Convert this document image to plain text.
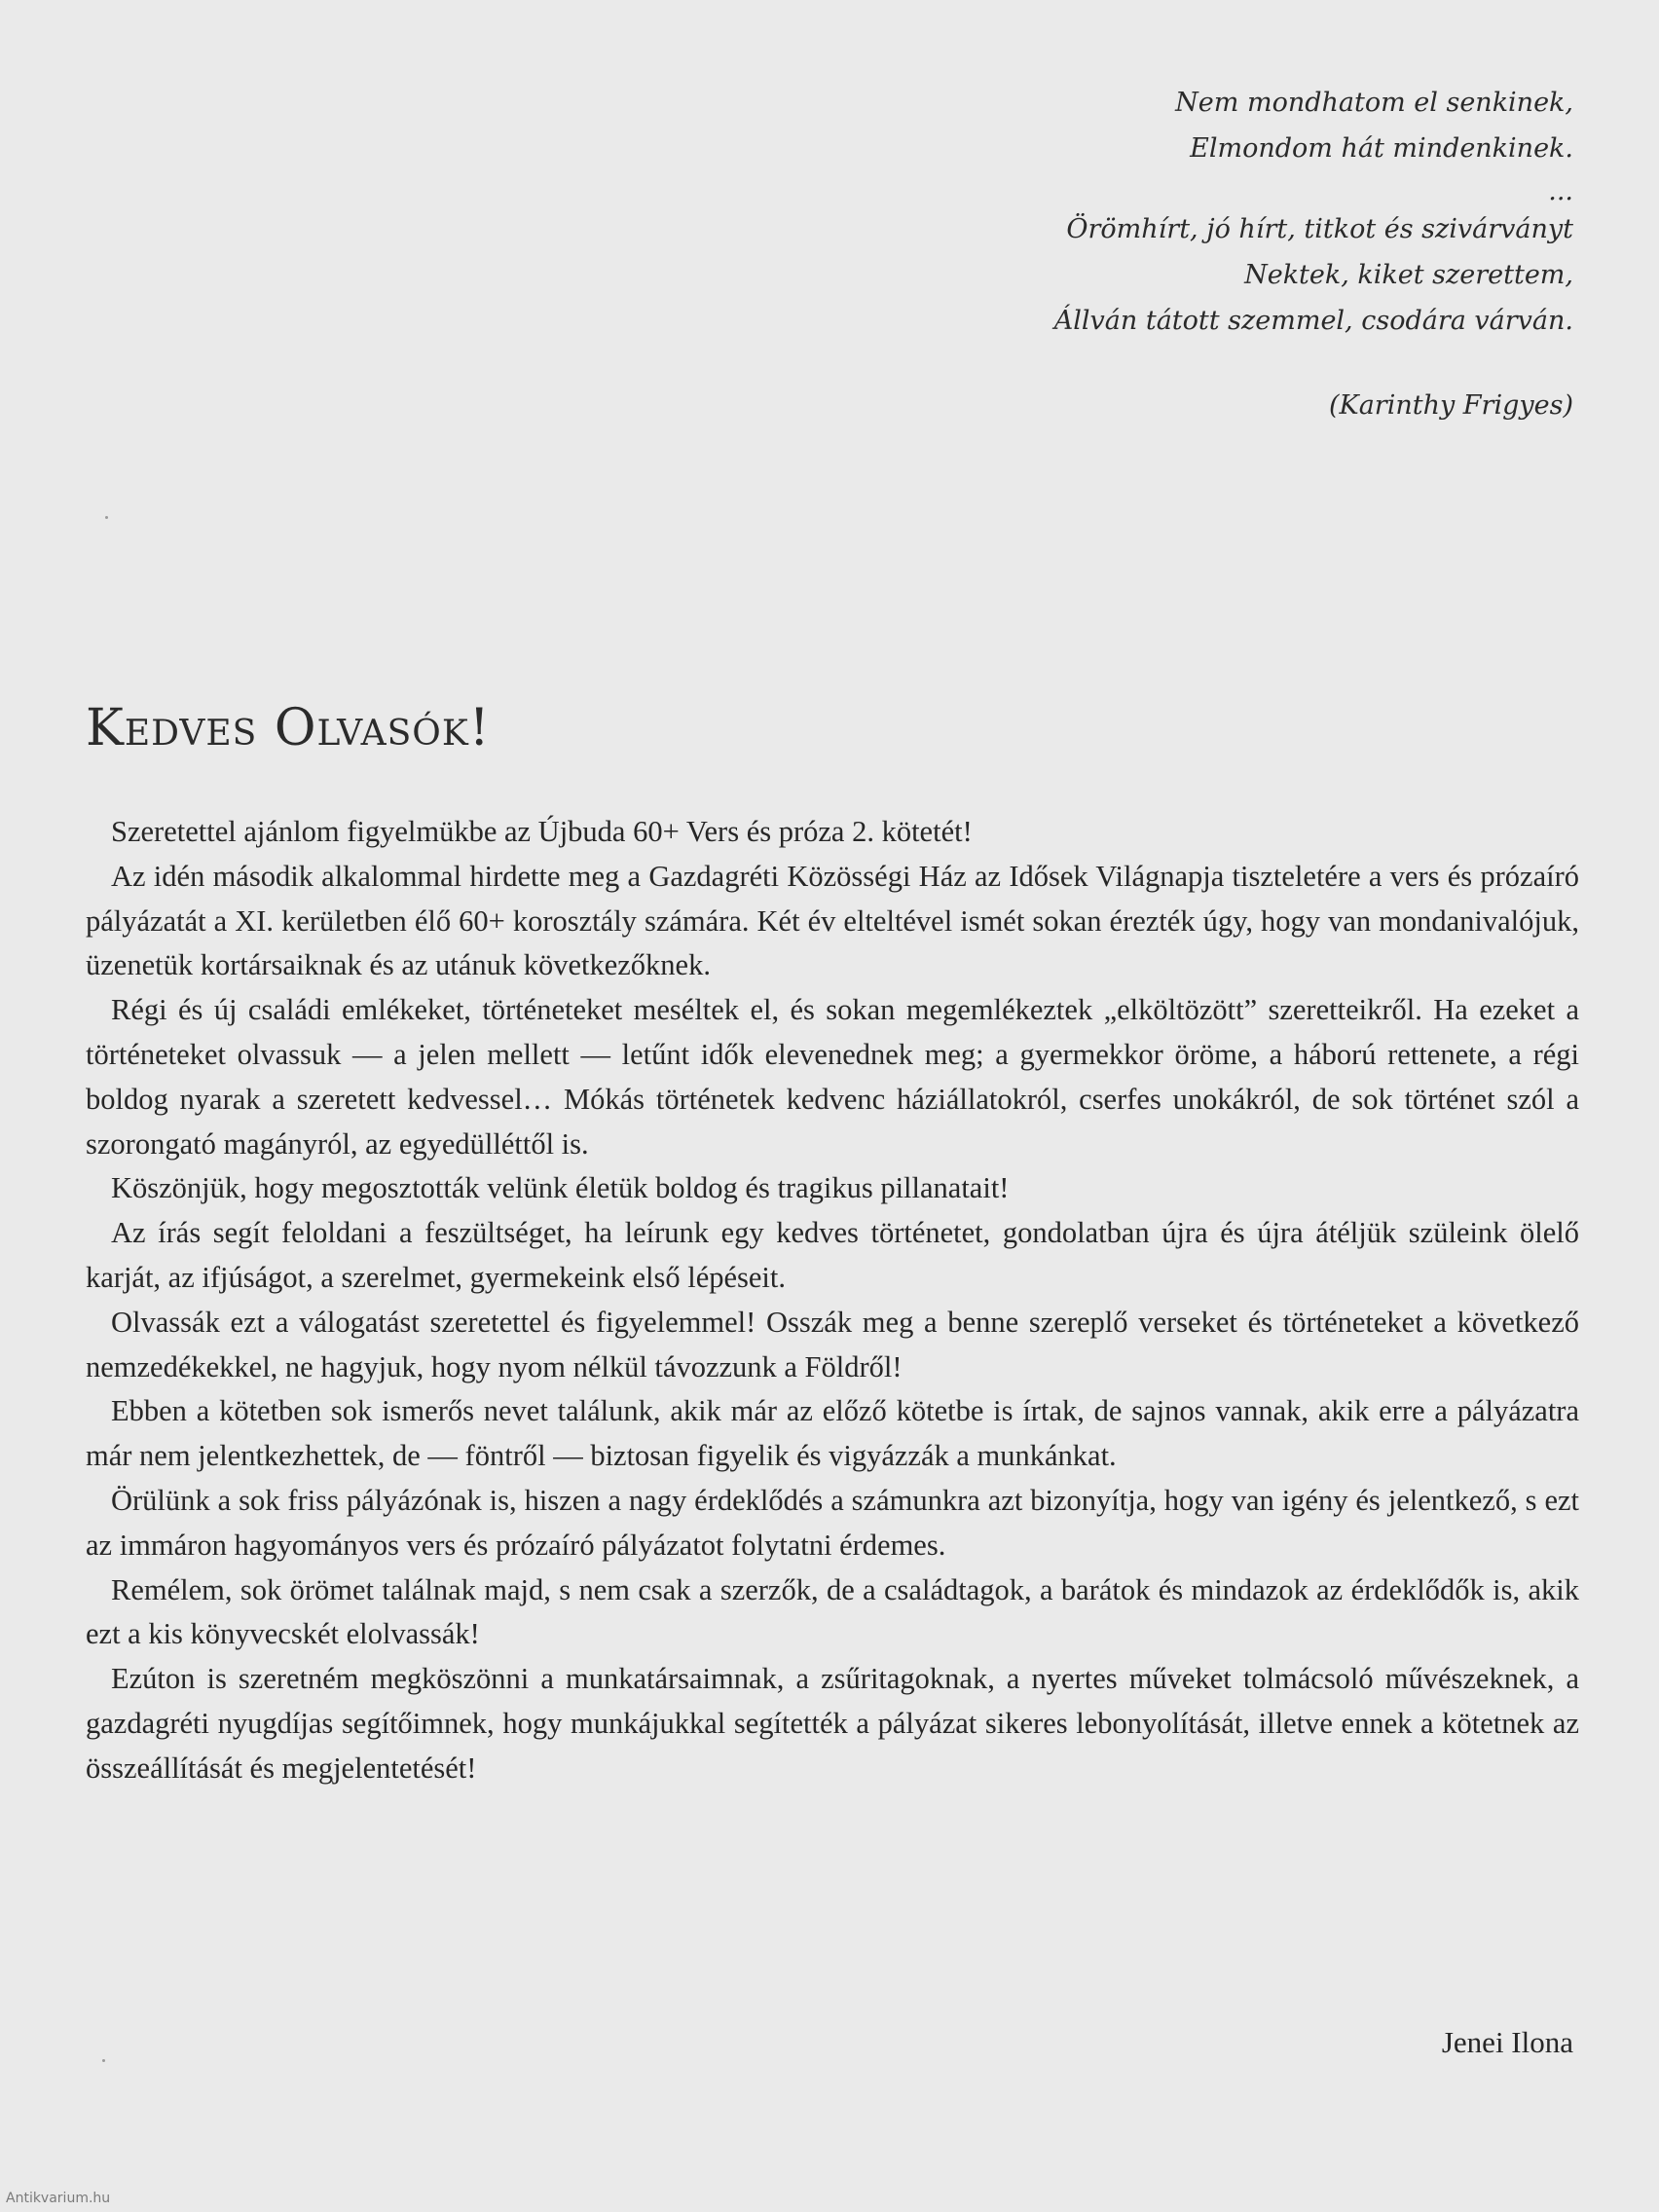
Nem mondhatom el senkinek,
Elmondom hát mindenkinek.
...
Örömhírt, jó hírt, titkot és szivárványt
Nektek, kiket szerettem,
Állván tátott szemmel, csodára várván.
(Karinthy Frigyes)
Kedves Olvasók!

Szeretettel ajánlom figyelmükbe az Újbuda 60+ Vers és próza 2. kötetét!

Az idén második alkalommal hirdette meg a Gazdagréti Közösségi Ház az Idősek Világnapja tiszteletére a vers és prózaíró pályázatát a XI. kerületben élő 60+ korosztály számára. Két év elteltével ismét sokan érezték úgy, hogy van mondanivalójuk, üzenetük kortársaiknak és az utánuk következőknek.

Régi és új családi emlékeket, történeteket meséltek el, és sokan megemlékeztek „elköltözött” szeretteikről. Ha ezeket a történeteket olvassuk — a jelen mellett — letűnt idők elevenednek meg; a gyermekkor öröme, a háború rettenete, a régi boldog nyarak a szeretett kedvessel… Mókás történetek kedvenc háziállatokról, cserfes unokákról, de sok történet szól a szorongató magányról, az egyedülléttől is.

Köszönjük, hogy megosztották velünk életük boldog és tragikus pillanatait!

Az írás segít feloldani a feszültséget, ha leírunk egy kedves történetet, gondolatban újra és újra átéljük szüleink ölelő karját, az ifjúságot, a szerelmet, gyermekeink első lépéseit.

Olvassák ezt a válogatást szeretettel és figyelemmel! Osszák meg a benne szereplő verseket és történeteket a következő nemzedékekkel, ne hagyjuk, hogy nyom nélkül távozzunk a Földről!

Ebben a kötetben sok ismerős nevet találunk, akik már az előző kötetbe is írtak, de sajnos vannak, akik erre a pályázatra már nem jelentkezhettek, de — föntről — biztosan figyelik és vigyázzák a munkánkat.

Örülünk a sok friss pályázónak is, hiszen a nagy érdeklődés a számunkra azt bizonyítja, hogy van igény és jelentkező, s ezt az immáron hagyományos vers és prózaíró pályázatot folytatni érdemes.

Remélem, sok örömet találnak majd, s nem csak a szerzők, de a családtagok, a barátok és mindazok az érdeklődők is, akik ezt a kis könyvecskét elolvassák!

Ezúton is szeretném megköszönni a munkatársaimnak, a zsűritagoknak, a nyertes műveket tolmácsoló művészeknek, a gazdagréti nyugdíjas segítőimnek, hogy munkájukkal segítették a pályázat sikeres lebonyolítását, illetve ennek a kötetnek az összeállítását és megjelentetését!

Jenei Ilona
Antikvarium.hu
